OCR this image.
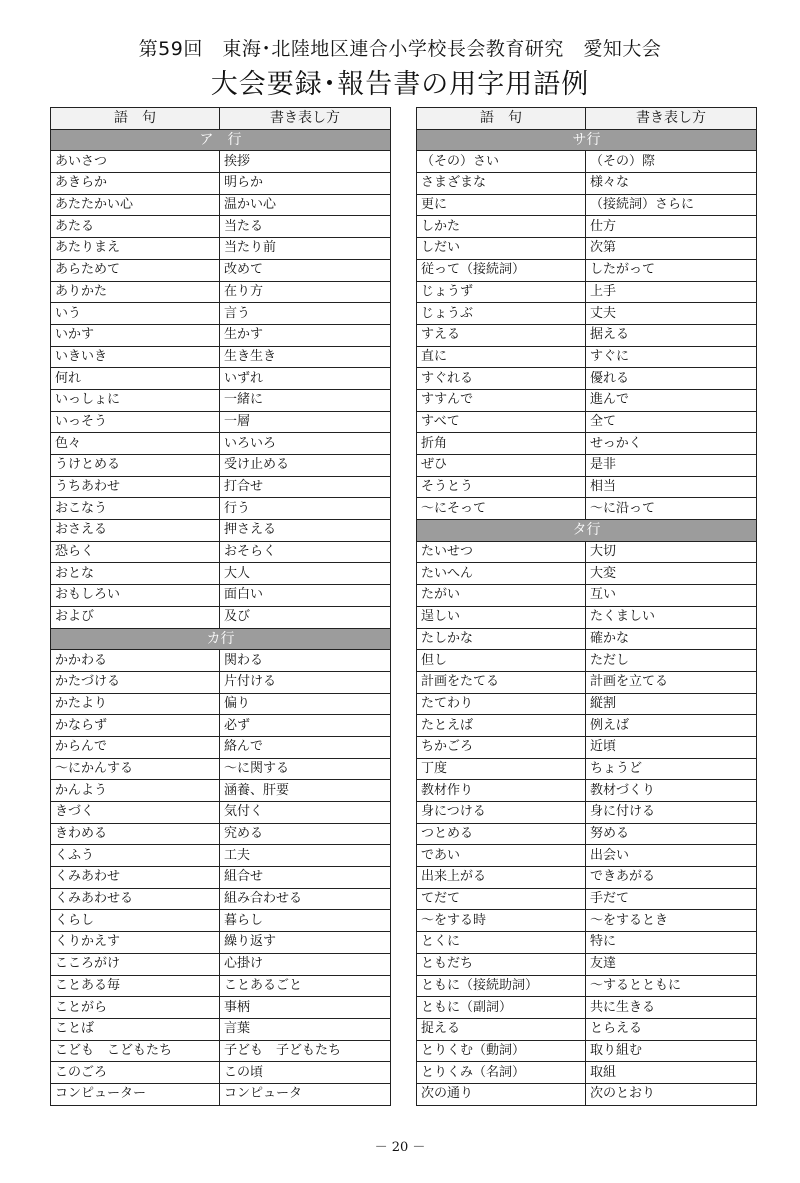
第59回　東海･北陸地区連合小学校長会教育研究　愛知大会
大会要録･報告書の用字用語例
語　句	書き表し方
ア　行	
あいさつ	挨拶
あきらか	明らか
あたたかい心	温かい心
あたる	当たる
あたりまえ	当たり前
あらためて	改めて
ありかた	在り方
いう	言う
いかす	生かす
いきいき	生き生き
何れ	いずれ
いっしょに	一緒に
いっそう	一層
色々	いろいろ
うけとめる	受け止める
うちあわせ	打合せ
おこなう	行う
おさえる	押さえる
恐らく	おそらく
おとな	大人
おもしろい	面白い
および	及び
カ行	
かかわる	関わる
かたづける	片付ける
かたより	偏り
かならず	必ず
からんで	絡んで
～にかんする	～に関する
かんよう	涵養、肝要
きづく	気付く
きわめる	究める
くふう	工夫
くみあわせ	組合せ
くみあわせる	組み合わせる
くらし	暮らし
くりかえす	繰り返す
こころがけ	心掛け
ことある毎	ことあるごと
ことがら	事柄
ことば	言葉
こども　こどもたち	子ども　子どもたち
このごろ	この頃
コンピューター	コンピュータ
語　句	書き表し方
サ行	
（その）さい	（その）際
さまざまな	様々な
更に	（接続詞）さらに
しかた	仕方
しだい	次第
従って（接続詞）	したがって
じょうず	上手
じょうぶ	丈夫
すえる	据える
直に	すぐに
すぐれる	優れる
すすんで	進んで
すべて	全て
折角	せっかく
ぜひ	是非
そうとう	相当
～にそって	～に沿って
タ行	
たいせつ	大切
たいへん	大変
たがい	互い
逞しい	たくましい
たしかな	確かな
但し	ただし
計画をたてる	計画を立てる
たてわり	縦割
たとえば	例えば
ちかごろ	近頃
丁度	ちょうど
教材作り	教材づくり
身につける	身に付ける
つとめる	努める
であい	出会い
出来上がる	できあがる
てだて	手だて
～をする時	～をするとき
とくに	特に
ともだち	友達
ともに（接続助詞）	～するとともに
ともに（副詞）	共に生きる
捉える	とらえる
とりくむ（動詞）	取り組む
とりくみ（名詞）	取組
次の通り	次のとおり
－ 20 －
